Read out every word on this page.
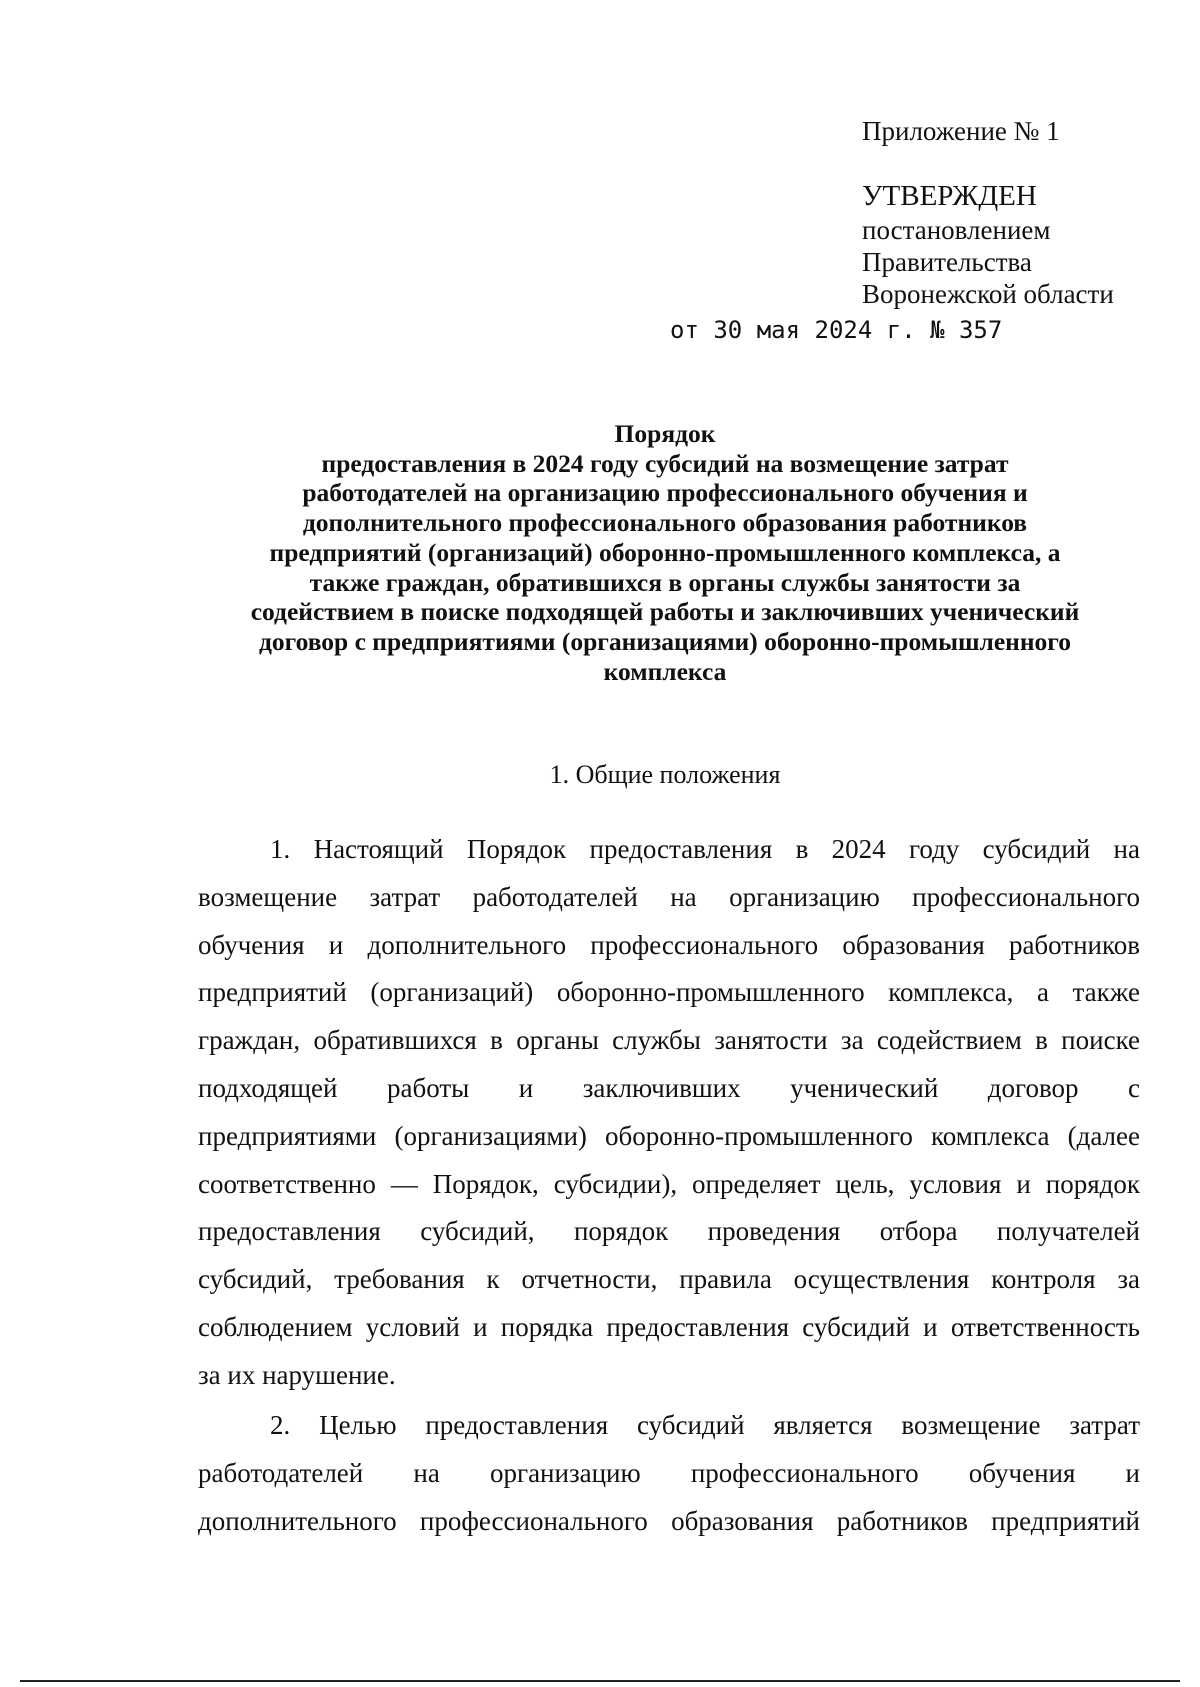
Приложение № 1
УТВЕРЖДЕН
постановлением
Правительства
Воронежской области
от 30 мая 2024 г. № 357
Порядок
предоставления в 2024 году субсидий на возмещение затрат
работодателей на организацию профессионального обучения и
дополнительного профессионального образования работников
предприятий (организаций) оборонно-промышленного комплекса, а
также граждан, обратившихся в органы службы занятости за
содействием в поиске подходящей работы и заключивших ученический
договор с предприятиями (организациями) оборонно-промышленного
комплекса
1. Общие положения
1. Настоящий Порядок предоставления в 2024 году субсидий на
возмещение затрат работодателей на организацию профессионального
обучения и дополнительного профессионального образования работников
предприятий (организаций) оборонно-промышленного комплекса, а также
граждан, обратившихся в органы службы занятости за содействием в поиске
подходящей работы и заключивших ученический договор с
предприятиями (организациями) оборонно-промышленного комплекса (далее
соответственно — Порядок, субсидии), определяет цель, условия и порядок
предоставления субсидий, порядок проведения отбора получателей
субсидий, требования к отчетности, правила осуществления контроля за
соблюдением условий и порядка предоставления субсидий и ответственность
за их нарушение.
2. Целью предоставления субсидий является возмещение затрат
работодателей на организацию профессионального обучения и
дополнительного профессионального образования работников предприятий
